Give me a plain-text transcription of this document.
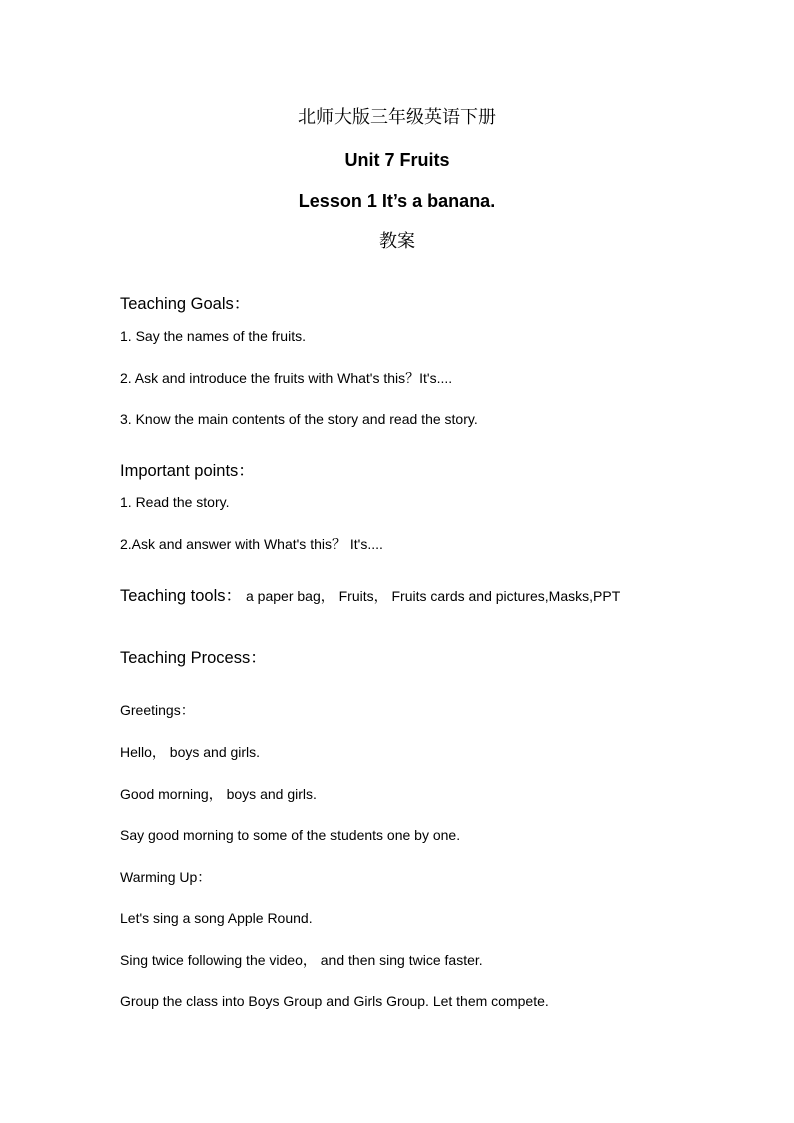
北师大版三年级英语下册
Unit 7 Fruits
Lesson 1 It’s a banana.
教案
Teaching Goals：
1. Say the names of the fruits.
2. Ask and introduce the fruits with What's this？It's....
3. Know the main contents of the story and read the story.
Important points：
1. Read the story.
2.Ask and answer with What's this？ It's....
Teaching tools： a paper bag， Fruits， Fruits cards and pictures,Masks,PPT
Teaching Process：
Greetings：
Hello， boys and girls.
Good morning， boys and girls.
Say good morning to some of the students one by one.
Warming Up：
Let's sing a song Apple Round.
Sing twice following the video， and then sing twice faster.
Group the class into Boys Group and Girls Group. Let them compete.
